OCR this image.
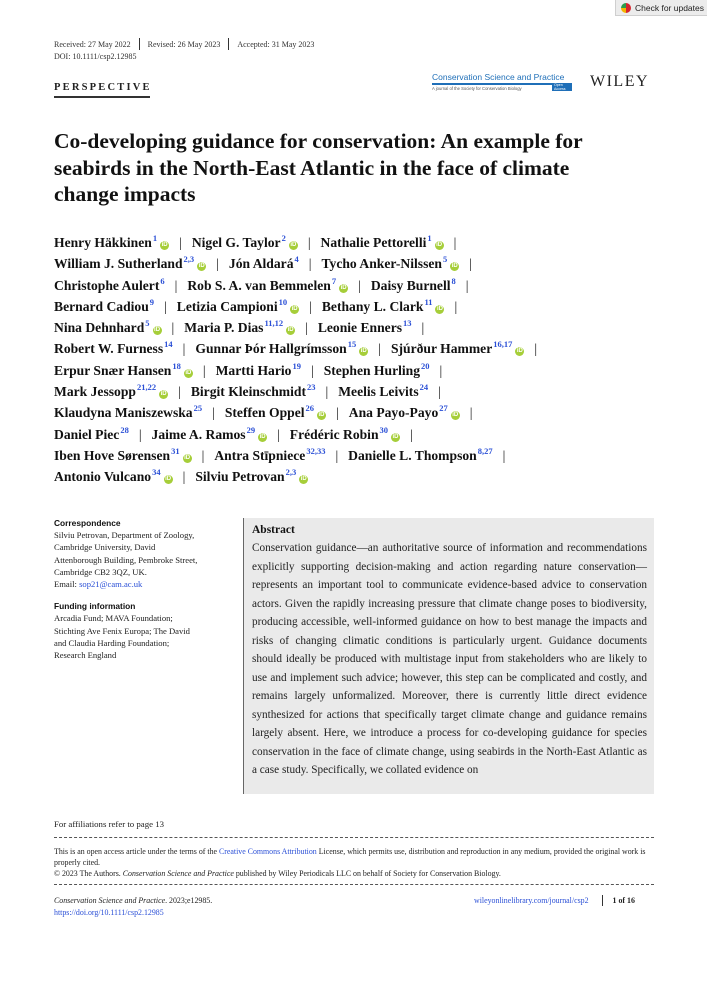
Check for updates
Received: 27 May 2022 Revised: 26 May 2023 Accepted: 31 May 2023
DOI: 10.1111/csp2.12985
PERSPECTIVE
Conservation Science and Practice
A journal of the Society for Conservation Biology
Open Access	WILEY
Co-developing guidance for conservation: An example for seabirds in the North-East Atlantic in the face of climate change impacts
Henry Häkkinen$^1$iD | Nigel G. Taylor$^2$iD | Nathalie Pettorelli$^1$iD |
William J. Sutherland$^{2,3}$iD | Jón Aldará$^4$ | Tycho Anker-Nilssen$^5$iD |
Christophe Aulert$^6$ | Rob S. A. van Bemmelen$^7$iD | Daisy Burnell$^8$ |
Bernard Cadiou$^9$ | Letizia Campioni$^{10}$iD | Bethany L. Clark$^{11}$iD |
Nina Dehnhard$^5$iD | Maria P. Dias$^{11,12}$iD | Leonie Enners$^{13}$ |
Robert W. Furness$^{14}$ | Gunnar Þór Hallgrímsson$^{15}$iD | Sjúrður Hammer$^{16,17}$iD |
Erpur Snær Hansen$^{18}$iD | Martti Hario$^{19}$ | Stephen Hurling$^{20}$ |
Mark Jessopp$^{21,22}$iD | Birgit Kleinschmidt$^{23}$ | Meelis Leivits$^{24}$ |
Klaudyna Maniszewska$^{25}$ | Steffen Oppel$^{26}$iD | Ana Payo-Payo$^{27}$iD |
Daniel Piec$^{28}$ | Jaime A. Ramos$^{29}$iD | Frédéric Robin$^{30}$iD |
Iben Hove Sørensen$^{31}$iD | Antra Stīpniece$^{32,33}$ | Danielle L. Thompson$^{8,27}$ |
Antonio Vulcano$^{34}$iD | Silviu Petrovan$^{2,3}$iD
Correspondence
Silviu Petrovan, Department of Zoology,
Cambridge University, David
Attenborough Building, Pembroke Street,
Cambridge CB2 3QZ, UK.
Email: sop21@cam.ac.uk
Funding information
Arcadia Fund; MAVA Foundation;
Stichting Ave Fenix Europa; The David
and Claudia Harding Foundation;
Research England
Abstract

Conservation guidance—an authoritative source of information and recommendations explicitly supporting decision-making and action regarding nature conservation—represents an important tool to communicate evidence-based advice to conservation actors. Given the rapidly increasing pressure that climate change poses to biodiversity, producing accessible, well-informed guidance on how to best manage the impacts and risks of changing climatic conditions is particularly urgent. Guidance documents should ideally be produced with multistage input from stakeholders who are likely to use and implement such advice; however, this step can be complicated and costly, and remains largely unformalized. Moreover, there is currently little direct evidence synthesized for actions that specifically target climate change and guidance remains largely absent. Here, we introduce a process for co-developing guidance for species conservation in the face of climate change, using seabirds in the North-East Atlantic as a case study. Specifically, we collated evidence on

For affiliations refer to page 13
This is an open access article under the terms of the Creative Commons Attribution License, which permits use, distribution and reproduction in any medium, provided the original work is properly cited.
© 2023 The Authors. Conservation Science and Practice published by Wiley Periodicals LLC on behalf of Society for Conservation Biology.
Conservation Science and Practice. 2023;e12985.
https://doi.org/10.1111/csp2.12985
wileyonlinelibrary.com/journal/csp2	1 of 16
